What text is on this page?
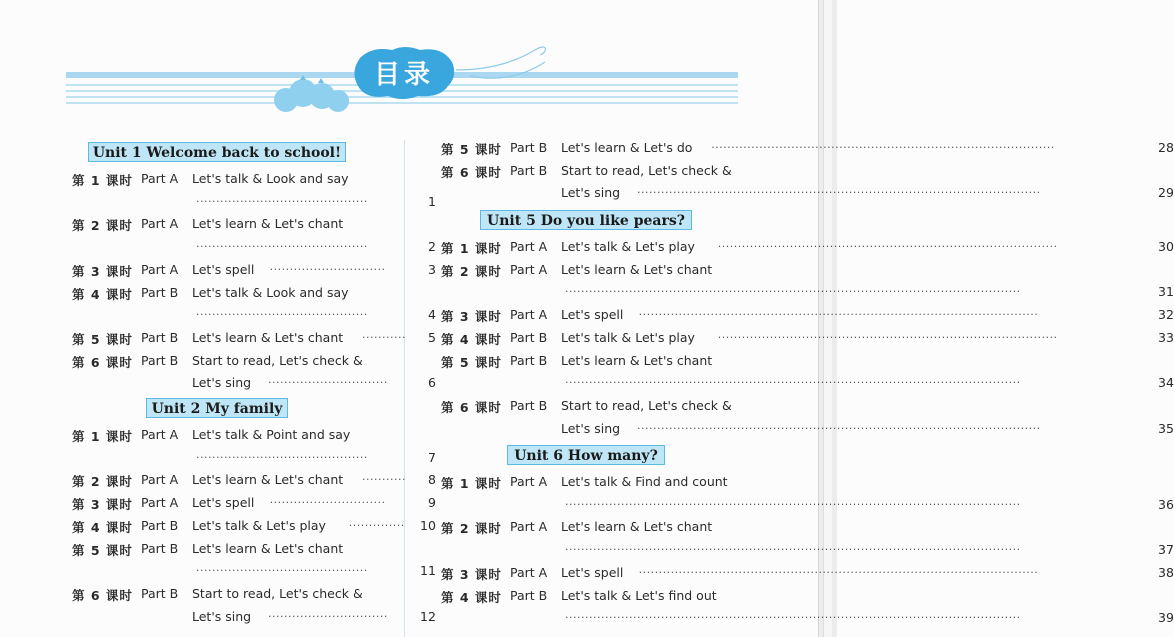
目录
Unit 1 Welcome back to school!
第 1 课时 Part A Let's talk & Look and say
···········································	1
第 2 课时 Part A Let's learn & Let's chant
···········································	2
第 3 课时 Part A Let's spell ·····························	3
第 4 课时 Part B Let's talk & Look and say
···········································	4
第 5 课时 Part B Let's learn & Let's chant ··········· 5
第 6 课时 Part B Start to read, Let's check &
Let's sing ······························	6
Unit 2 My family
第 1 课时 Part A Let's talk & Point and say
···········································	7
第 2 课时 Part A Let's learn & Let's chant ··········· 8
第 3 课时 Part A Let's spell ·····························	9
第 4 课时 Part B Let's talk & Let's play ·············· 10
第 5 课时 Part B Let's learn & Let's chant
···········································	11
第 6 课时 Part B Start to read, Let's check &
Let's sing ······························	12
第 5 课时 Part B Let's learn & Let's do ······················································································	28
第 6 课时 Part B Start to read, Let's check &
Let's sing ·····································································································	29
Unit 5 Do you like pears?
第 1 课时 Part A Let's talk & Let's play ·····················································································	30
第 2 课时 Part A Let's learn & Let's chant
··················································································································	31
第 3 课时 Part A Let's spell ····································································································	32
第 4 课时 Part B Let's talk & Let's play ·····················································································	33
第 5 课时 Part B Let's learn & Let's chant
··················································································································	34
第 6 课时 Part B Start to read, Let's check &
Let's sing ·····································································································	35
Unit 6 How many?
第 1 课时 Part A Let's talk & Find and count
··················································································································	36
第 2 课时 Part A Let's learn & Let's chant
··················································································································	37
第 3 课时 Part A Let's spell ····································································································	38
第 4 课时 Part B Let's talk & Let's find out
··················································································································	39
